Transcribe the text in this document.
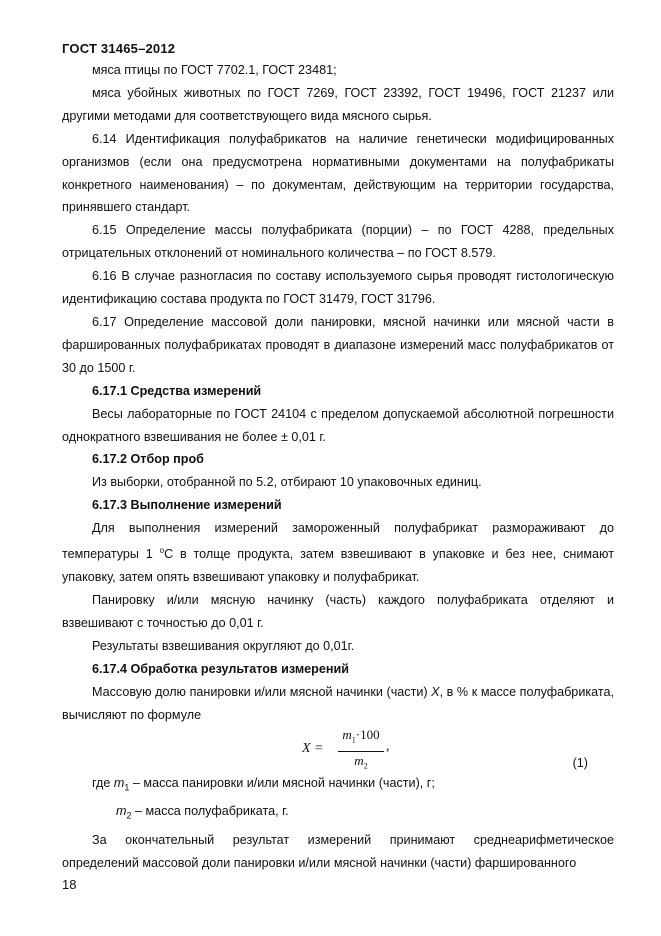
ГОСТ 31465–2012
мяса птицы по ГОСТ 7702.1, ГОСТ 23481;

мяса убойных животных по ГОСТ 7269, ГОСТ 23392, ГОСТ 19496, ГОСТ 21237 или другими методами для соответствующего вида мясного сырья.

6.14 Идентификация полуфабрикатов на наличие генетически модифицированных организмов (если она предусмотрена нормативными документами на полуфабрикаты конкретного наименования) – по документам, действующим на территории государства, принявшего стандарт.

6.15 Определение массы полуфабриката (порции) – по ГОСТ 4288, предельных отрицательных отклонений от номинального количества – по ГОСТ 8.579.

6.16 В случае разногласия по составу используемого сырья проводят гистологическую идентификацию состава продукта по ГОСТ 31479, ГОСТ 31796.

6.17 Определение массовой доли панировки, мясной начинки или мясной части в фаршированных полуфабрикатах проводят в диапазоне измерений масс полуфабрикатов от 30 до 1500 г.

6.17.1 Средства измерений

Весы лабораторные по ГОСТ 24104 с пределом допускаемой абсолютной погрешности однократного взвешивания не более ± 0,01 г.

6.17.2 Отбор проб
Из выборки, отобранной по 5.2, отбирают 10 упаковочных единиц.
6.17.3 Выполнение измерений

Для выполнения измерений замороженный полуфабрикат размораживают до температуры 1 $^o$С в толще продукта, затем взвешивают в упаковке и без нее, снимают упаковку, затем опять взвешивают упаковку и полуфабрикат.

Панировку и/или мясную начинку (часть) каждого полуфабриката отделяют и взвешивают с точностью до 0,01 г.

Результаты взвешивания округляют до 0,01г.
6.17.4 Обработка результатов измерений

Массовую долю панировки и/или мясной начинки (части) X, в % к массе полуфабриката, вычисляют по формуле

$X = \frac{m_1\cdot 100}{m_2}$ ,
(1)
где $m_1$ – масса панировки и/или мясной начинки (части), г;
$m_2$ – масса полуфабриката, г.

За окончательный результат измерений принимают среднеарифметическое определений массовой доли панировки и/или мясной начинки (части) фаршированного

18
